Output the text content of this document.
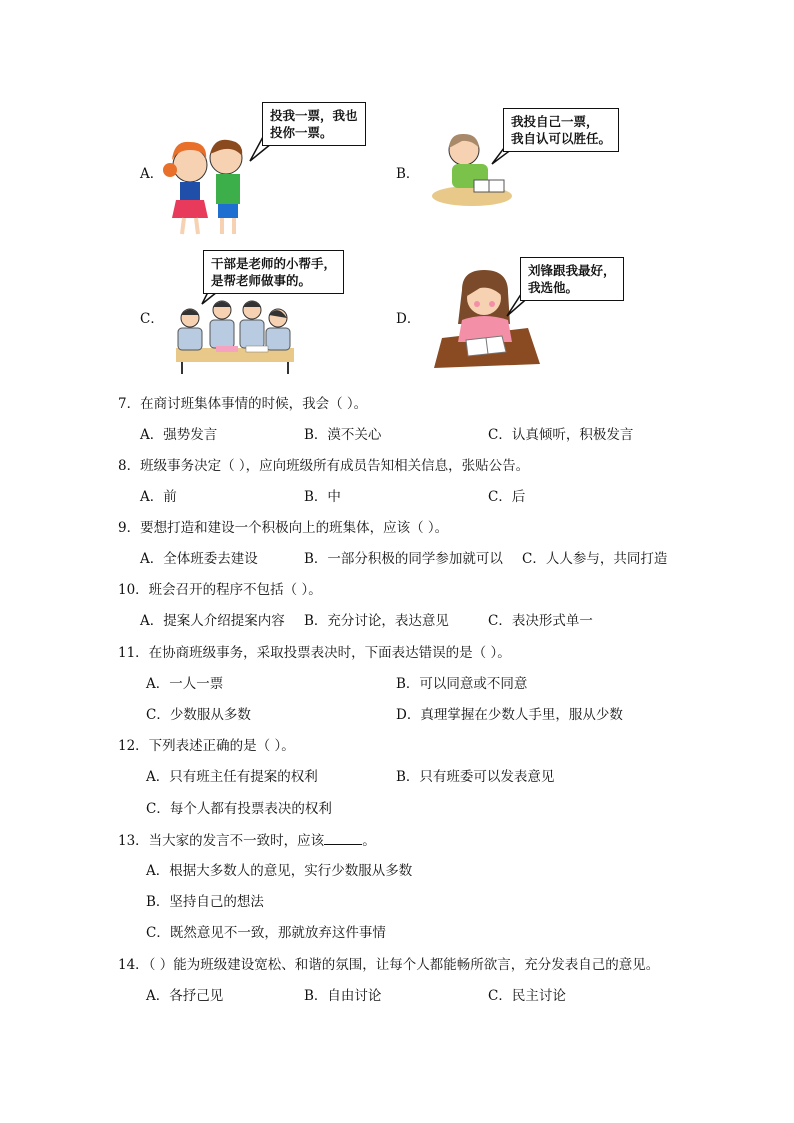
A．
投我一票，我也
投你一票。
B．
我投自己一票，
我自认可以胜任。
C．
干部是老师的小帮手，
是帮老师做事的。
D．
刘锋跟我最好，
我选他。
7．在商讨班集体事情的时候，我会（ ）。
A．强势发言	B．漠不关心	C．认真倾听，积极发言
8．班级事务决定（ ），应向班级所有成员告知相关信息，张贴公告。
A．前	B．中	C．后
9．要想打造和建设一个积极向上的班集体，应该（ ）。
A．全体班委去建设	B．一部分积极的同学参加就可以 C．人人参与，共同打造
10．班会召开的程序不包括（ ）。
A．提案人介绍提案内容 B．充分讨论，表达意见	C．表决形式单一
11．在协商班级事务，采取投票表决时，下面表达错误的是（ ）。
A．一人一票	B．可以同意或不同意
C．少数服从多数	D．真理掌握在少数人手里，服从少数
12．下列表述正确的是（ ）。
A．只有班主任有提案的权利	B．只有班委可以发表意见
C．每个人都有投票表决的权利
13．当大家的发言不一致时，应该	。
A．根据大多数人的意见，实行少数服从多数
B．坚持自己的想法
C．既然意见不一致，那就放弃这件事情
14．（ ）能为班级建设宽松、和谐的氛围，让每个人都能畅所欲言，充分发表自己的意见。
A．各抒己见	B．自由讨论	C．民主讨论
